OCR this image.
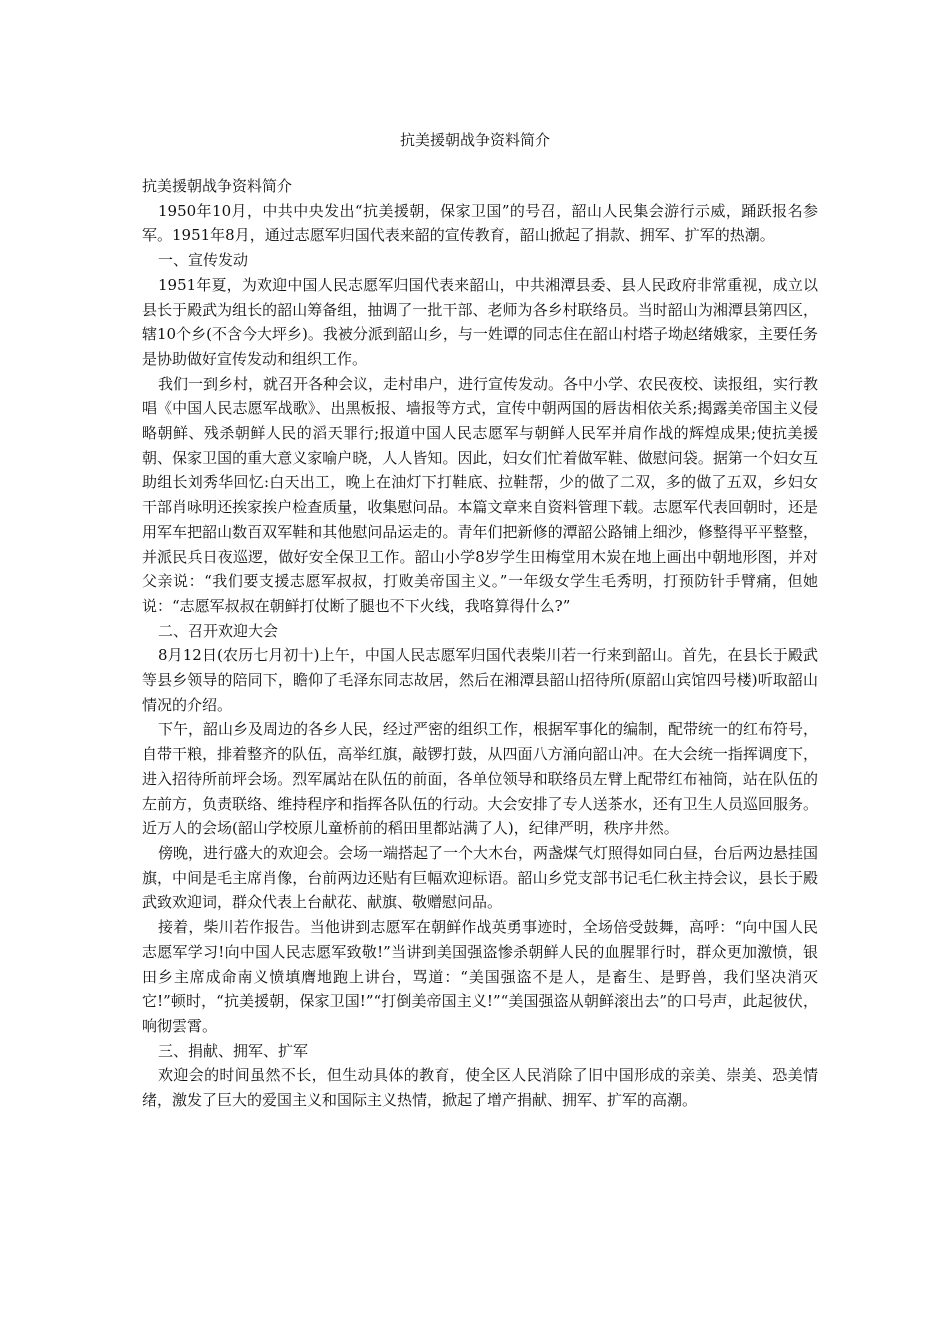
抗美援朝战争资料简介

抗美援朝战争资料简介

1950年10月，中共中央发出“抗美援朝，保家卫国”的号召，韶山人民集会游行示威，踊跃报名参军。1951年8月，通过志愿军归国代表来韶的宣传教育，韶山掀起了捐款、拥军、扩军的热潮。

一、宣传发动

1951年夏，为欢迎中国人民志愿军归国代表来韶山，中共湘潭县委、县人民政府非常重视，成立以县长于殿武为组长的韶山筹备组，抽调了一批干部、老师为各乡村联络员。当时韶山为湘潭县第四区，辖10个乡(不含今大坪乡)。我被分派到韶山乡，与一姓谭的同志住在韶山村塔子坳赵绪娥家，主要任务是协助做好宣传发动和组织工作。

我们一到乡村，就召开各种会议，走村串户，进行宣传发动。各中小学、农民夜校、读报组，实行教唱《中国人民志愿军战歌》、出黑板报、墙报等方式，宣传中朝两国的唇齿相依关系;揭露美帝国主义侵略朝鲜、残杀朝鲜人民的滔天罪行;报道中国人民志愿军与朝鲜人民军并肩作战的辉煌成果;使抗美援朝、保家卫国的重大意义家喻户晓，人人皆知。因此，妇女们忙着做军鞋、做慰问袋。据第一个妇女互助组长刘秀华回忆:白天出工，晚上在油灯下打鞋底、拉鞋帮，少的做了二双，多的做了五双，乡妇女干部肖咏明还挨家挨户检查质量，收集慰问品。本篇文章来自资料管理下载。志愿军代表回朝时，还是用军车把韶山数百双军鞋和其他慰问品运走的。青年们把新修的潭韶公路铺上细沙，修整得平平整整，并派民兵日夜巡逻，做好安全保卫工作。韶山小学8岁学生田梅堂用木炭在地上画出中朝地形图，并对父亲说：“我们要支援志愿军叔叔，打败美帝国主义。”一年级女学生毛秀明，打预防针手臂痛，但她说：“志愿军叔叔在朝鲜打仗断了腿也不下火线，我咯算得什么?”

二、召开欢迎大会

8月12日(农历七月初十)上午，中国人民志愿军归国代表柴川若一行来到韶山。首先，在县长于殿武等县乡领导的陪同下，瞻仰了毛泽东同志故居，然后在湘潭县韶山招待所(原韶山宾馆四号楼)听取韶山情况的介绍。

下午，韶山乡及周边的各乡人民，经过严密的组织工作，根据军事化的编制，配带统一的红布符号，自带干粮，排着整齐的队伍，高举红旗，敲锣打鼓，从四面八方涌向韶山冲。在大会统一指挥调度下，进入招待所前坪会场。烈军属站在队伍的前面，各单位领导和联络员左臂上配带红布袖筒，站在队伍的左前方，负责联络、维持程序和指挥各队伍的行动。大会安排了专人送茶水，还有卫生人员巡回服务。近万人的会场(韶山学校原儿童桥前的稻田里都站满了人)，纪律严明，秩序井然。

傍晚，进行盛大的欢迎会。会场一端搭起了一个大木台，两盏煤气灯照得如同白昼，台后两边悬挂国旗，中间是毛主席肖像，台前两边还贴有巨幅欢迎标语。韶山乡党支部书记毛仁秋主持会议，县长于殿武致欢迎词，群众代表上台献花、献旗、敬赠慰问品。

接着，柴川若作报告。当他讲到志愿军在朝鲜作战英勇事迹时，全场倍受鼓舞，高呼：“向中国人民志愿军学习!向中国人民志愿军致敬!”当讲到美国强盗惨杀朝鲜人民的血腥罪行时，群众更加激愤，银田乡主席成命南义愤填膺地跑上讲台，骂道：“美国强盗不是人，是畜生、是野兽，我们坚决消灭它!”顿时，“抗美援朝，保家卫国!”“打倒美帝国主义!”“美国强盗从朝鲜滚出去”的口号声，此起彼伏，响彻雲霄。

三、捐献、拥军、扩军

欢迎会的时间虽然不长，但生动具体的教育，使全区人民消除了旧中国形成的亲美、崇美、恐美情绪，激发了巨大的爱国主义和国际主义热情，掀起了增产捐献、拥军、扩军的高潮。
